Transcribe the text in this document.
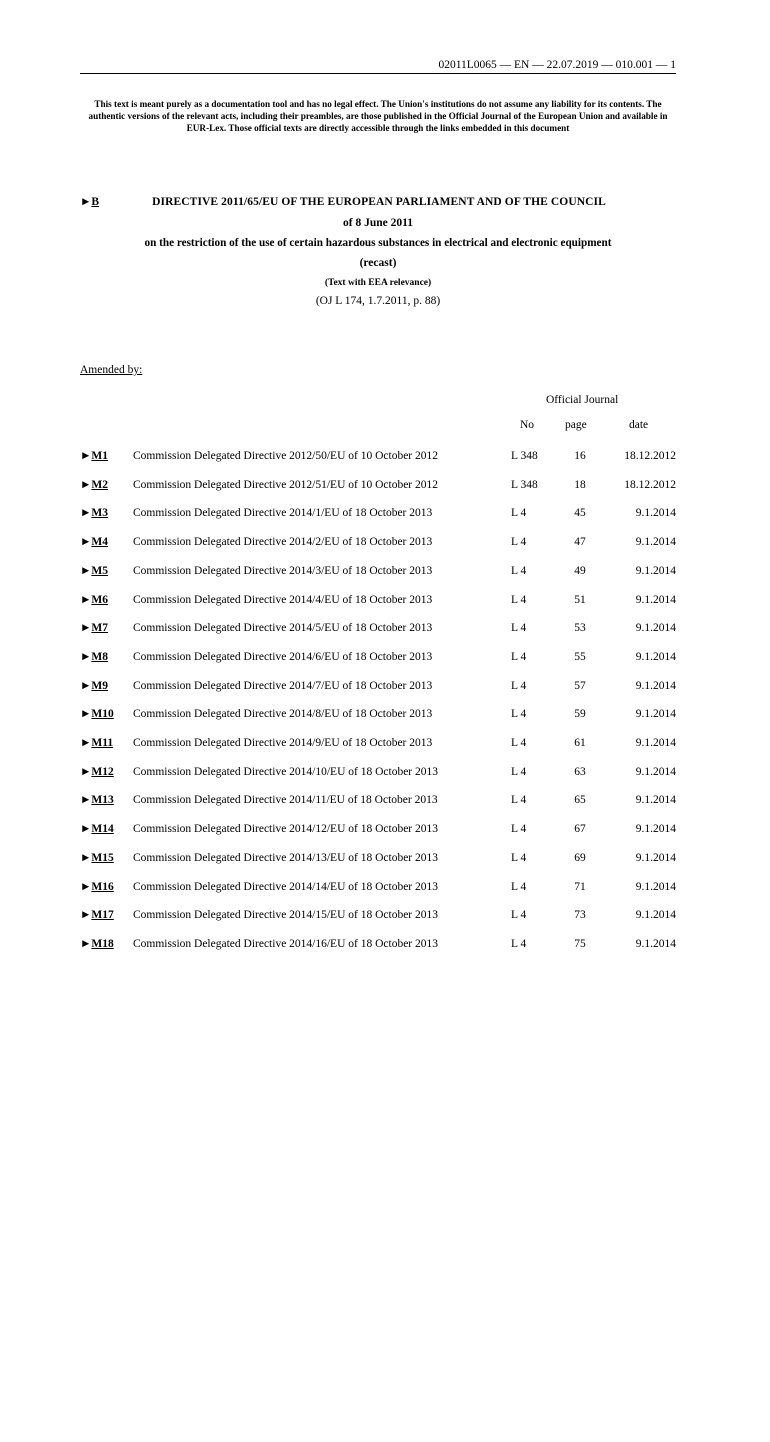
02011L0065 — EN — 22.07.2019 — 010.001 — 1
This text is meant purely as a documentation tool and has no legal effect. The Union's institutions do not assume any liability for its contents. The authentic versions of the relevant acts, including their preambles, are those published in the Official Journal of the European Union and available in EUR-Lex. Those official texts are directly accessible through the links embedded in this document
►B	DIRECTIVE 2011/65/EU OF THE EUROPEAN PARLIAMENT AND OF THE COUNCIL
of 8 June 2011
on the restriction of the use of certain hazardous substances in electrical and electronic equipment
(recast)
(Text with EEA relevance)
(OJ L 174, 1.7.2011, p. 88)
Amended by:
Official Journal
No	page	date
►M1 Commission Delegated Directive 2012/50/EU of 10 October 2012	L 348	16	18.12.2012
►M2 Commission Delegated Directive 2012/51/EU of 10 October 2012	L 348	18	18.12.2012
►M3 Commission Delegated Directive 2014/1/EU of 18 October 2013	L 4	45	9.1.2014
►M4 Commission Delegated Directive 2014/2/EU of 18 October 2013	L 4	47	9.1.2014
►M5 Commission Delegated Directive 2014/3/EU of 18 October 2013	L 4	49	9.1.2014
►M6 Commission Delegated Directive 2014/4/EU of 18 October 2013	L 4	51	9.1.2014
►M7 Commission Delegated Directive 2014/5/EU of 18 October 2013	L 4	53	9.1.2014
►M8 Commission Delegated Directive 2014/6/EU of 18 October 2013	L 4	55	9.1.2014
►M9 Commission Delegated Directive 2014/7/EU of 18 October 2013	L 4	57	9.1.2014
►M10 Commission Delegated Directive 2014/8/EU of 18 October 2013	L 4	59	9.1.2014
►M11 Commission Delegated Directive 2014/9/EU of 18 October 2013	L 4	61	9.1.2014
►M12 Commission Delegated Directive 2014/10/EU of 18 October 2013	L 4	63	9.1.2014
►M13 Commission Delegated Directive 2014/11/EU of 18 October 2013	L 4	65	9.1.2014
►M14 Commission Delegated Directive 2014/12/EU of 18 October 2013	L 4	67	9.1.2014
►M15 Commission Delegated Directive 2014/13/EU of 18 October 2013	L 4	69	9.1.2014
►M16 Commission Delegated Directive 2014/14/EU of 18 October 2013	L 4	71	9.1.2014
►M17 Commission Delegated Directive 2014/15/EU of 18 October 2013	L 4	73	9.1.2014
►M18 Commission Delegated Directive 2014/16/EU of 18 October 2013	L 4	75	9.1.2014
